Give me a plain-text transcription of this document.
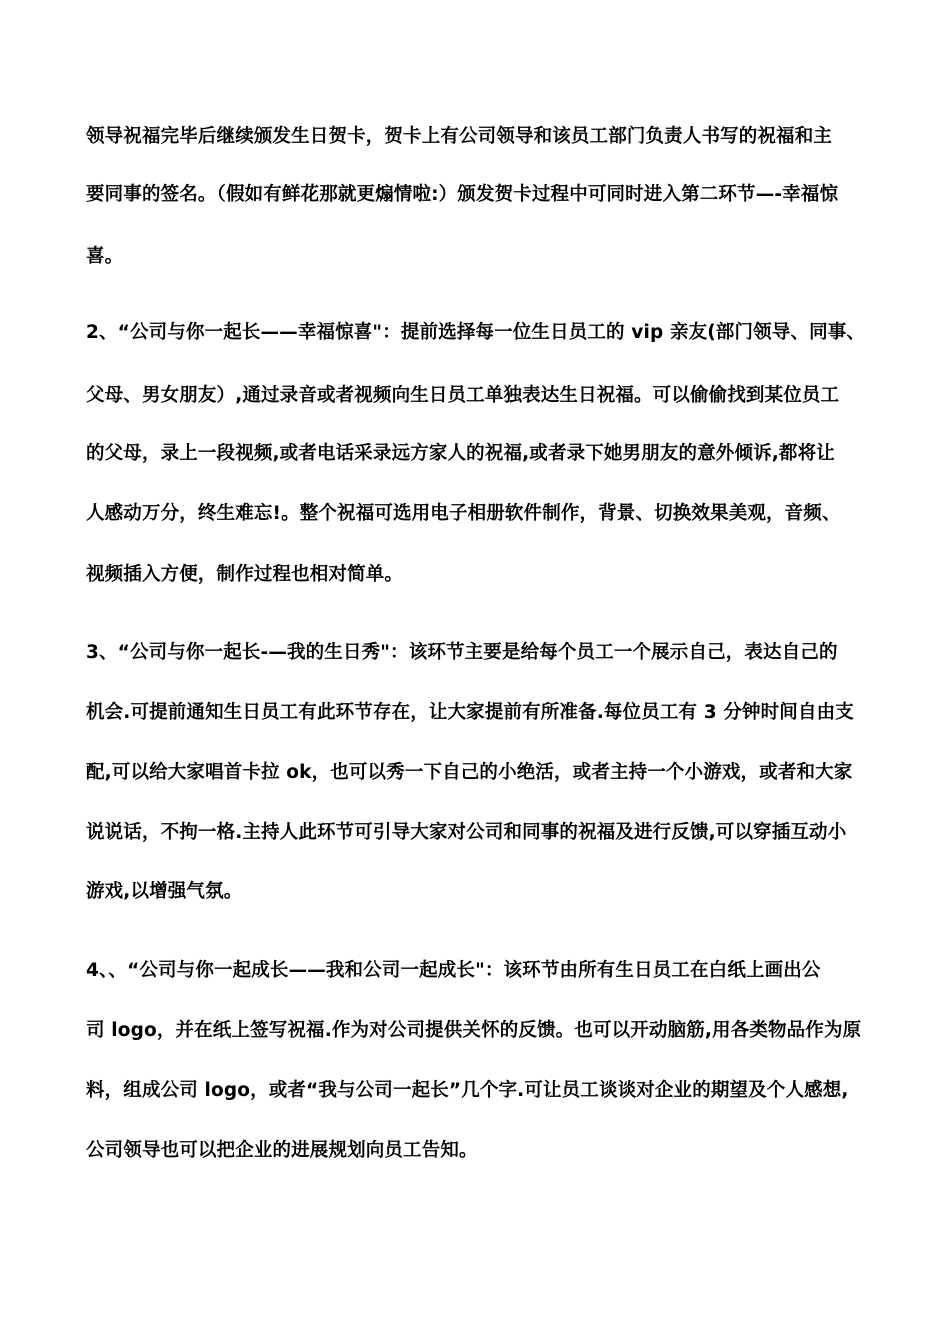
领导祝福完毕后继续颁发生日贺卡，贺卡上有公司领导和该员工部门负责人书写的祝福和主
要同事的签名。（假如有鲜花那就更煽情啦:）颁发贺卡过程中可同时进入第二环节—-幸福惊
喜。
2、“公司与你一起长——幸福惊喜"：提前选择每一位生日员工的 vip 亲友(部门领导、同事、
父母、男女朋友）,通过录音或者视频向生日员工单独表达生日祝福。可以偷偷找到某位员工
的父母，录上一段视频,或者电话采录远方家人的祝福,或者录下她男朋友的意外倾诉,都将让
人感动万分，终生难忘!。整个祝福可选用电子相册软件制作，背景、切换效果美观，音频、
视频插入方便，制作过程也相对简单。
3、“公司与你一起长-—我的生日秀"：该环节主要是给每个员工一个展示自己，表达自己的
机会.可提前通知生日员工有此环节存在，让大家提前有所准备.每位员工有 3 分钟时间自由支
配,可以给大家唱首卡拉 ok，也可以秀一下自己的小绝活，或者主持一个小游戏，或者和大家
说说话，不拘一格.主持人此环节可引导大家对公司和同事的祝福及进行反馈,可以穿插互动小
游戏,以增强气氛。
4、、“公司与你一起成长——我和公司一起成长"：该环节由所有生日员工在白纸上画出公
司 logo，并在纸上签写祝福.作为对公司提供关怀的反馈。也可以开动脑筋,用各类物品作为原
料，组成公司 logo，或者“我与公司一起长”几个字.可让员工谈谈对企业的期望及个人感想,
公司领导也可以把企业的进展规划向员工告知。
